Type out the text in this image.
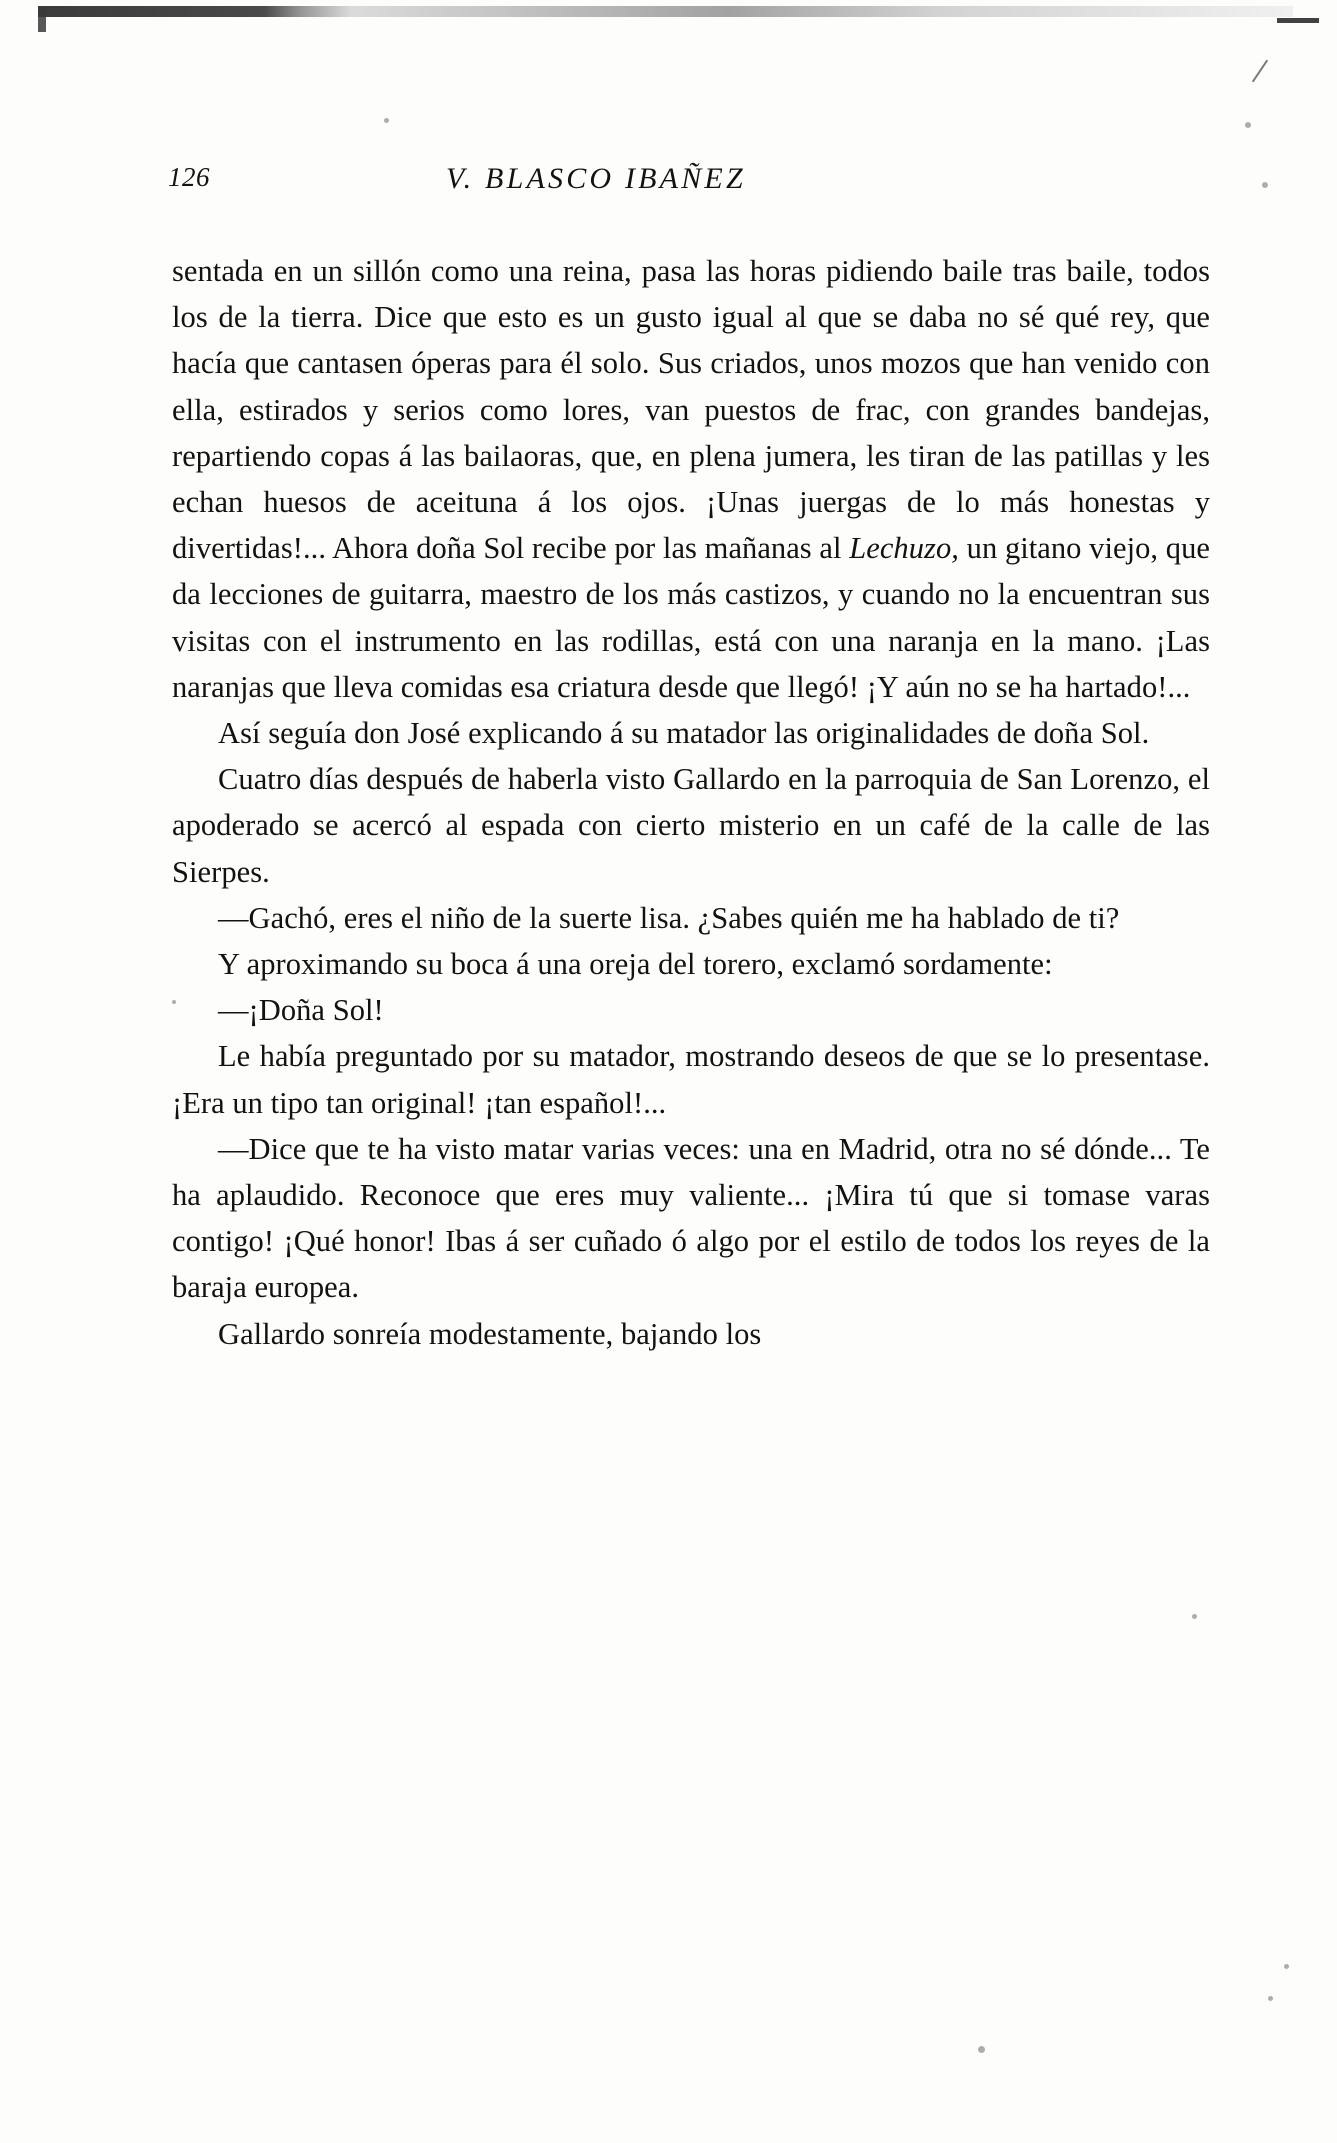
126	V. BLASCO IBAÑEZ

sentada en un sillón como una reina, pasa las horas pidiendo baile tras baile, todos los de la tierra. Dice que esto es un gusto igual al que se daba no sé qué rey, que hacía que cantasen óperas para él solo. Sus criados, unos mozos que han venido con ella, estirados y serios como lores, van puestos de frac, con grandes bandejas, repartiendo copas á las bailaoras, que, en plena jumera, les tiran de las patillas y les echan huesos de aceituna á los ojos. ¡Unas juergas de lo más honestas y divertidas!... Ahora doña Sol recibe por las mañanas al Lechuzo, un gitano viejo, que da lecciones de guitarra, maestro de los más castizos, y cuando no la encuentran sus visitas con el instrumento en las rodillas, está con una naranja en la mano. ¡Las naranjas que lleva comidas esa criatura desde que llegó! ¡Y aún no se ha hartado!...

Así seguía don José explicando á su matador las originalidades de doña Sol.

Cuatro días después de haberla visto Gallardo en la parroquia de San Lorenzo, el apoderado se acercó al espada con cierto misterio en un café de la calle de las Sierpes.

—Gachó, eres el niño de la suerte lisa. ¿Sabes quién me ha hablado de ti?

Y aproximando su boca á una oreja del torero, exclamó sordamente:

—¡Doña Sol!

Le había preguntado por su matador, mostrando deseos de que se lo presentase. ¡Era un tipo tan original! ¡tan español!...

—Dice que te ha visto matar varias veces: una en Madrid, otra no sé dónde... Te ha aplaudido. Reconoce que eres muy valiente... ¡Mira tú que si tomase varas contigo! ¡Qué honor! Ibas á ser cuñado ó algo por el estilo de todos los reyes de la baraja europea.

Gallardo sonreía modestamente, bajando los
